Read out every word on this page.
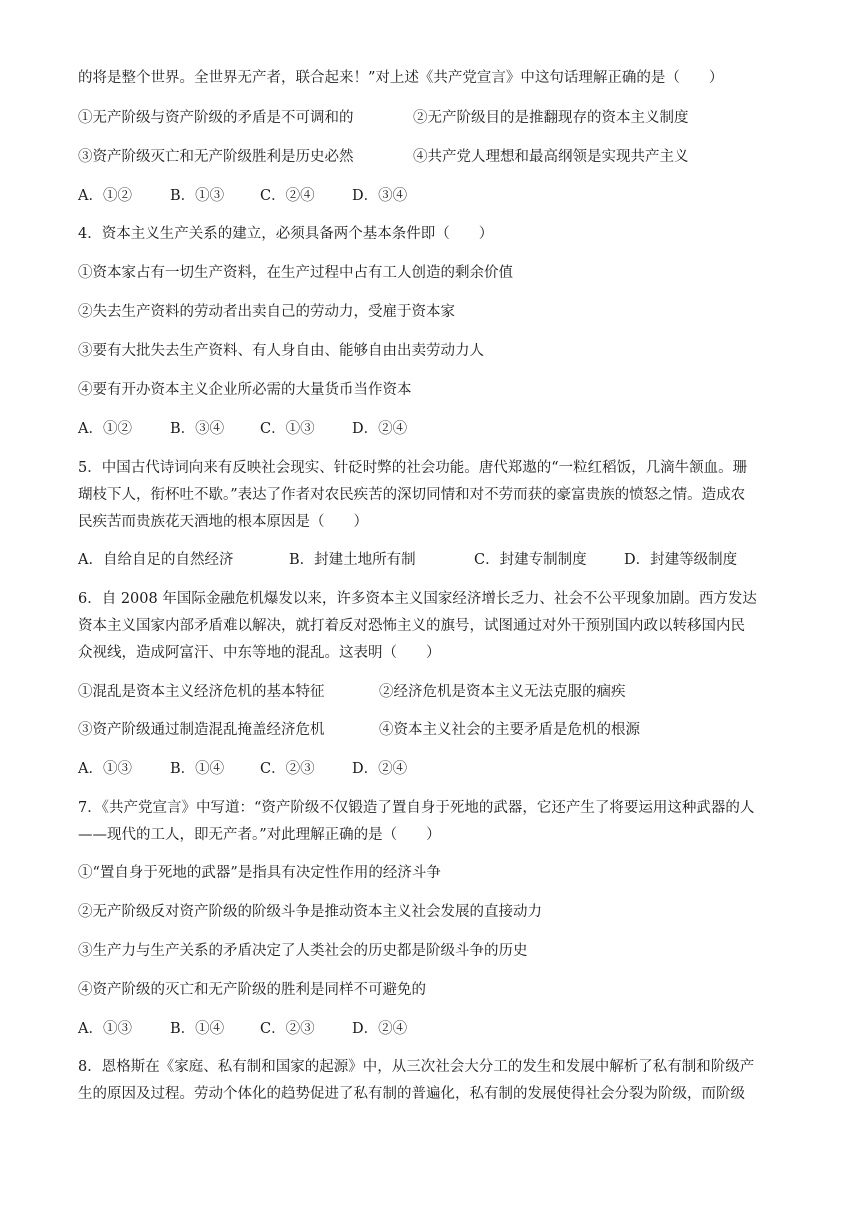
的将是整个世界。全世界无产者，联合起来！”对上述《共产党宣言》中这句话理解正确的是（　　）
①无产阶级与资产阶级的矛盾是不可调和的	②无产阶级目的是推翻现存的资本主义制度
③资产阶级灭亡和无产阶级胜利是历史必然	④共产党人理想和最高纲领是实现共产主义
A．①②	B．①③ C．②④	D．③④
4．资本主义生产关系的建立，必须具备两个基本条件即（　　）
①资本家占有一切生产资料，在生产过程中占有工人创造的剩余价值
②失去生产资料的劳动者出卖自己的劳动力，受雇于资本家
③要有大批失去生产资料、有人身自由、能够自由出卖劳动力人
④要有开办资本主义企业所必需的大量货币当作资本
A．①②	B．③④ C．①③	D．②④
5．中国古代诗词向来有反映社会现实、针砭时弊的社会功能。唐代郑遨的“一粒红稻饭，几滴牛颔血。珊
瑚枝下人，衔杯吐不歇。”表达了作者对农民疾苦的深切同情和对不劳而获的豪富贵族的愤怒之情。造成农
民疾苦而贵族花天酒地的根本原因是（　　）
A．自给自足的自然经济	B．封建土地所有制	C．封建专制制度	D．封建等级制度
6．自 2008 年国际金融危机爆发以来，许多资本主义国家经济增长乏力、社会不公平现象加剧。西方发达
资本主义国家内部矛盾难以解决，就打着反对恐怖主义的旗号，试图通过对外干预别国内政以转移国内民
众视线，造成阿富汗、中东等地的混乱。这表明（　　）
①混乱是资本主义经济危机的基本特征	②经济危机是资本主义无法克服的痼疾
③资产阶级通过制造混乱掩盖经济危机	④资本主义社会的主要矛盾是危机的根源
A．①③	B．①④ C．②③	D．②④
7．《共产党宣言》中写道：“资产阶级不仅锻造了置自身于死地的武器，它还产生了将要运用这种武器的人
——现代的工人，即无产者。”对此理解正确的是（　　）
①“置自身于死地的武器”是指具有决定性作用的经济斗争
②无产阶级反对资产阶级的阶级斗争是推动资本主义社会发展的直接动力
③生产力与生产关系的矛盾决定了人类社会的历史都是阶级斗争的历史
④资产阶级的灭亡和无产阶级的胜利是同样不可避免的
A．①③	B．①④ C．②③	D．②④
8．恩格斯在《家庭、私有制和国家的起源》中，从三次社会大分工的发生和发展中解析了私有制和阶级产
生的原因及过程。劳动个体化的趋势促进了私有制的普遍化，私有制的发展使得社会分裂为阶级，而阶级
